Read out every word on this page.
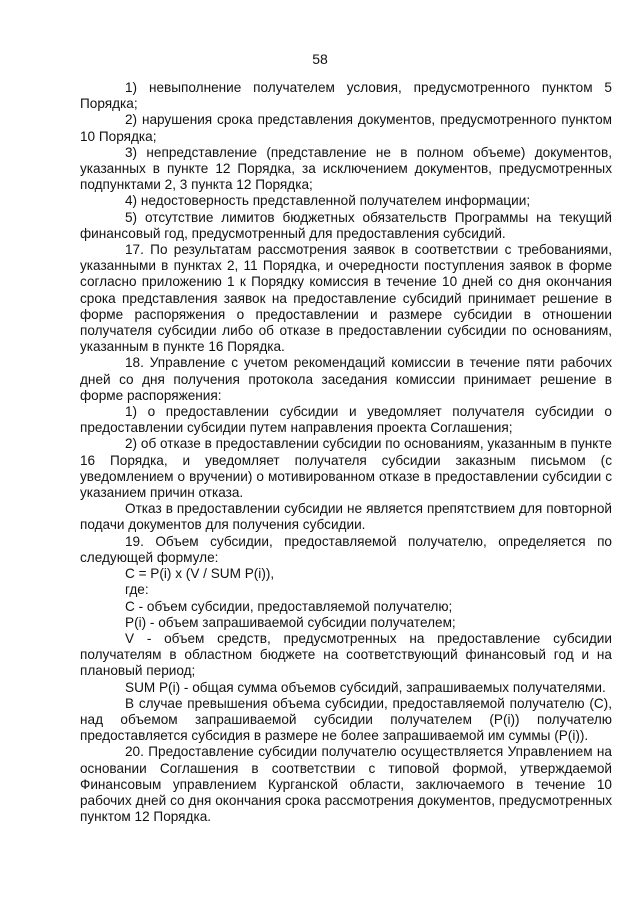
58

1) невыполнение получателем условия, предусмотренного пунктом 5 Порядка;

2) нарушения срока представления документов, предусмотренного пунктом 10 Порядка;

3) непредставление (представление не в полном объеме) документов, указанных в пункте 12 Порядка, за исключением документов, предусмотренных подпунктами 2, 3 пункта 12 Порядка;

4) недостоверность представленной получателем информации;

5) отсутствие лимитов бюджетных обязательств Программы на текущий финансовый год, предусмотренный для предоставления субсидий.

17. По результатам рассмотрения заявок в соответствии с требованиями, указанными в пунктах 2, 11 Порядка, и очередности поступления заявок в форме согласно приложению 1 к Порядку комиссия в течение 10 дней со дня окончания срока представления заявок на предоставление субсидий принимает решение в форме распоряжения о предоставлении и размере субсидии в отношении получателя субсидии либо об отказе в предоставлении субсидии по основаниям, указанным в пункте 16 Порядка.

18. Управление с учетом рекомендаций комиссии в течение пяти рабочих дней со дня получения протокола заседания комиссии принимает решение в форме распоряжения:

1) о предоставлении субсидии и уведомляет получателя субсидии о предоставлении субсидии путем направления проекта Соглашения;

2) об отказе в предоставлении субсидии по основаниям, указанным в пункте 16 Порядка, и уведомляет получателя субсидии заказным письмом (с уведомлением о вручении) о мотивированном отказе в предоставлении субсидии с указанием причин отказа.

Отказ в предоставлении субсидии не является препятствием для повторной подачи документов для получения субсидии.

19. Объем субсидии, предоставляемой получателю, определяется по следующей формуле:

C = P(i) x (V / SUM P(i)),

где:

C - объем субсидии, предоставляемой получателю;

P(i) - объем запрашиваемой субсидии получателем;

V - объем средств, предусмотренных на предоставление субсидии получателям в областном бюджете на соответствующий финансовый год и на плановый период;

SUM P(i) - общая сумма объемов субсидий, запрашиваемых получателями.

В случае превышения объема субсидии, предоставляемой получателю (C), над объемом запрашиваемой субсидии получателем (P(i)) получателю предоставляется субсидия в размере не более запрашиваемой им суммы (P(i)).

20. Предоставление субсидии получателю осуществляется Управлением на основании Соглашения в соответствии с типовой формой, утверждаемой Финансовым управлением Курганской области, заключаемого в течение 10 рабочих дней со дня окончания срока рассмотрения документов, предусмотренных пунктом 12 Порядка.
